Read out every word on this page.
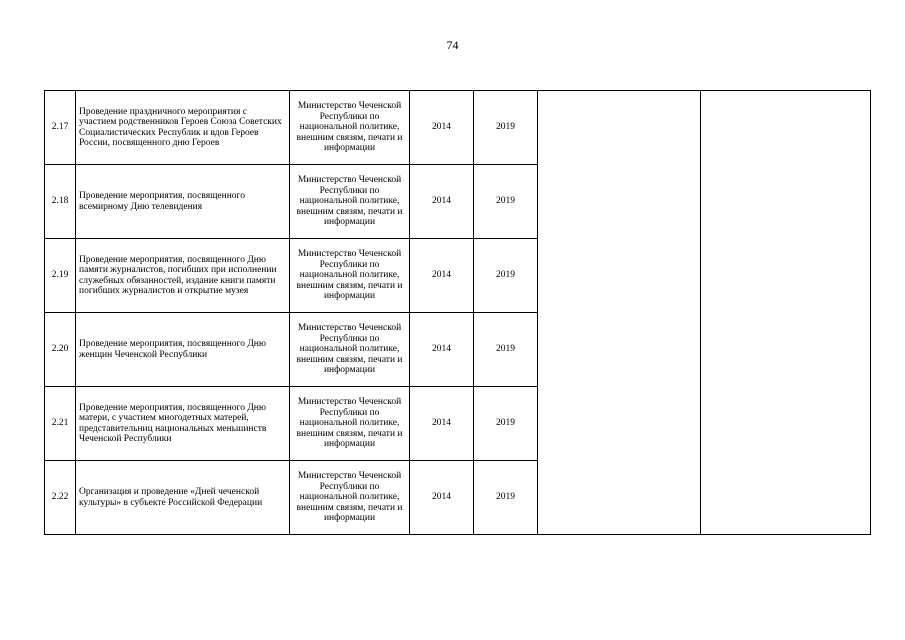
74
2.17	Проведение праздничного мероприятия с участием родственников Героев Союза Советских Социалистических Республик и вдов Героев России, посвященного дню Героев	Министерство Чеченской Республики по национальной политике, внешним связям, печати и информации	2014	2019		
2.18	Проведение мероприятия, посвященного всемирному Дню телевидения	Министерство Чеченской Республики по национальной политике, внешним связям, печати и информации	2014	2019		
2.19	Проведение мероприятия, посвященного Дню памяти журналистов, погибших при исполнении служебных обязанностей, издание книги памяти погибших журналистов и открытие музея	Министерство Чеченской Республики по национальной политике, внешним связям, печати и информации	2014	2019		
2.20	Проведение мероприятия, посвященного Дню женщин Чеченской Республики	Министерство Чеченской Республики по национальной политике, внешним связям, печати и информации	2014	2019		
2.21	Проведение мероприятия, посвященного Дню матери, с участием многодетных матерей, представительниц национальных меньшинств Чеченской Республики	Министерство Чеченской Республики по национальной политике, внешним связям, печати и информации	2014	2019		
2.22	Организация и проведение «Дней чеченской культуры» в субъекте Российской Федерации	Министерство Чеченской Республики по национальной политике, внешним связям, печати и информации	2014	2019		
